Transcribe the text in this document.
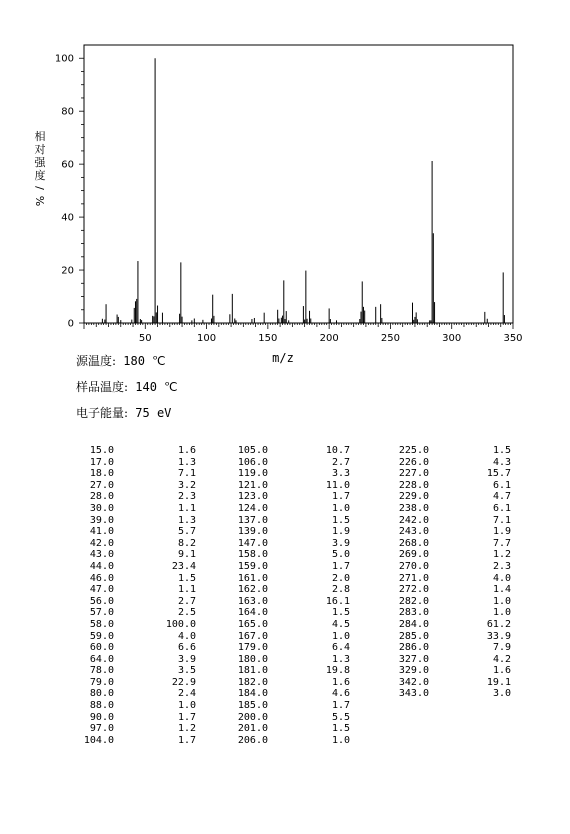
0
20
40
60
80
100
50	100	150	200	250	300	350
相
对
强
度
/
%
m/z
源温度: 180 ℃
样品温度: 140 ℃
电子能量: 75 eV
15.0	1.6
17.0	1.3
18.0	7.1
27.0	3.2
28.0	2.3
30.0	1.1
39.0	1.3
41.0	5.7
42.0	8.2
43.0	9.1
44.0	23.4
46.0	1.5
47.0	1.1
56.0	2.7
57.0	2.5
58.0	100.0
59.0	4.0
60.0	6.6
64.0	3.9
78.0	3.5
79.0	22.9
80.0	2.4
88.0	1.0
90.0	1.7
97.0	1.2
104.0	1.7
105.0	10.7
106.0	2.7
119.0	3.3
121.0	11.0
123.0	1.7
124.0	1.0
137.0	1.5
139.0	1.9
147.0	3.9
158.0	5.0
159.0	1.7
161.0	2.0
162.0	2.8
163.0	16.1
164.0	1.5
165.0	4.5
167.0	1.0
179.0	6.4
180.0	1.3
181.0	19.8
182.0	1.6
184.0	4.6
185.0	1.7
200.0	5.5
201.0	1.5
206.0	1.0
225.0	1.5
226.0	4.3
227.0	15.7
228.0	6.1
229.0	4.7
238.0	6.1
242.0	7.1
243.0	1.9
268.0	7.7
269.0	1.2
270.0	2.3
271.0	4.0
272.0	1.4
282.0	1.0
283.0	1.0
284.0	61.2
285.0	33.9
286.0	7.9
327.0	4.2
329.0	1.6
342.0	19.1
343.0	3.0
